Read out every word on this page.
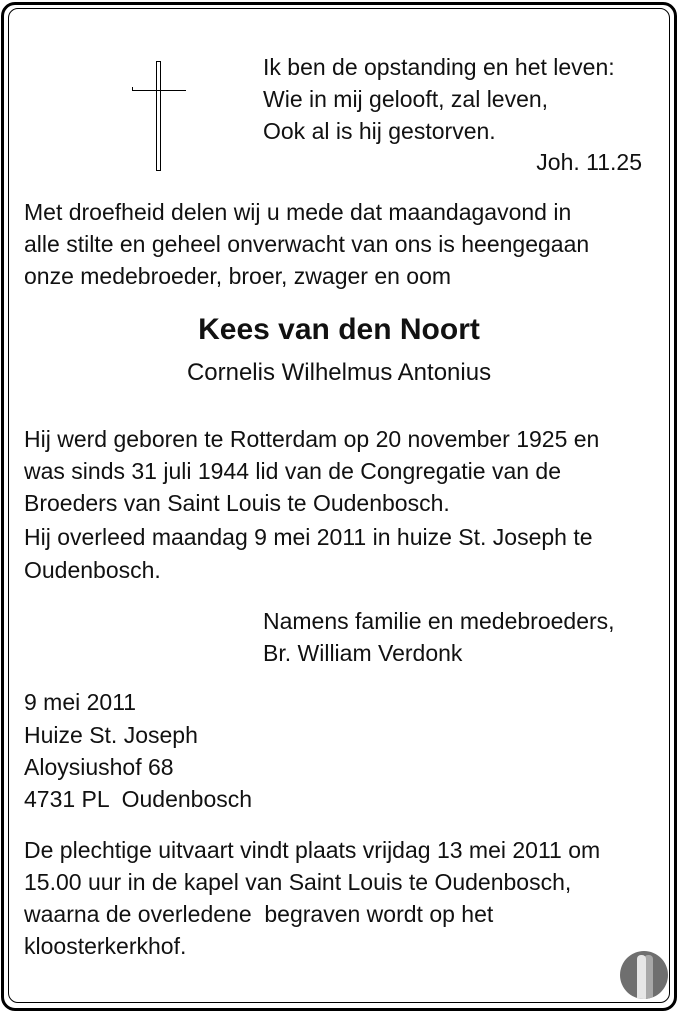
Ik ben de opstanding en het leven:
Wie in mij gelooft, zal leven,
Ook al is hij gestorven.
Joh. 11.25
Met droefheid delen wij u mede dat maandagavond in
alle stilte en geheel onverwacht van ons is heengegaan
onze medebroeder, broer, zwager en oom
Kees van den Noort
Cornelis Wilhelmus Antonius
Hij werd geboren te Rotterdam op 20 november 1925 en
was sinds 31 juli 1944 lid van de Congregatie van de
Broeders van Saint Louis te Oudenbosch.
Hij overleed maandag 9 mei 2011 in huize St. Joseph te
Oudenbosch.
Namens familie en medebroeders,
Br. William Verdonk
9 mei 2011
Huize St. Joseph
Aloysiushof 68
4731 PL  Oudenbosch
De plechtige uitvaart vindt plaats vrijdag 13 mei 2011 om
15.00 uur in de kapel van Saint Louis te Oudenbosch,
waarna de overledene  begraven wordt op het
kloosterkerkhof.
